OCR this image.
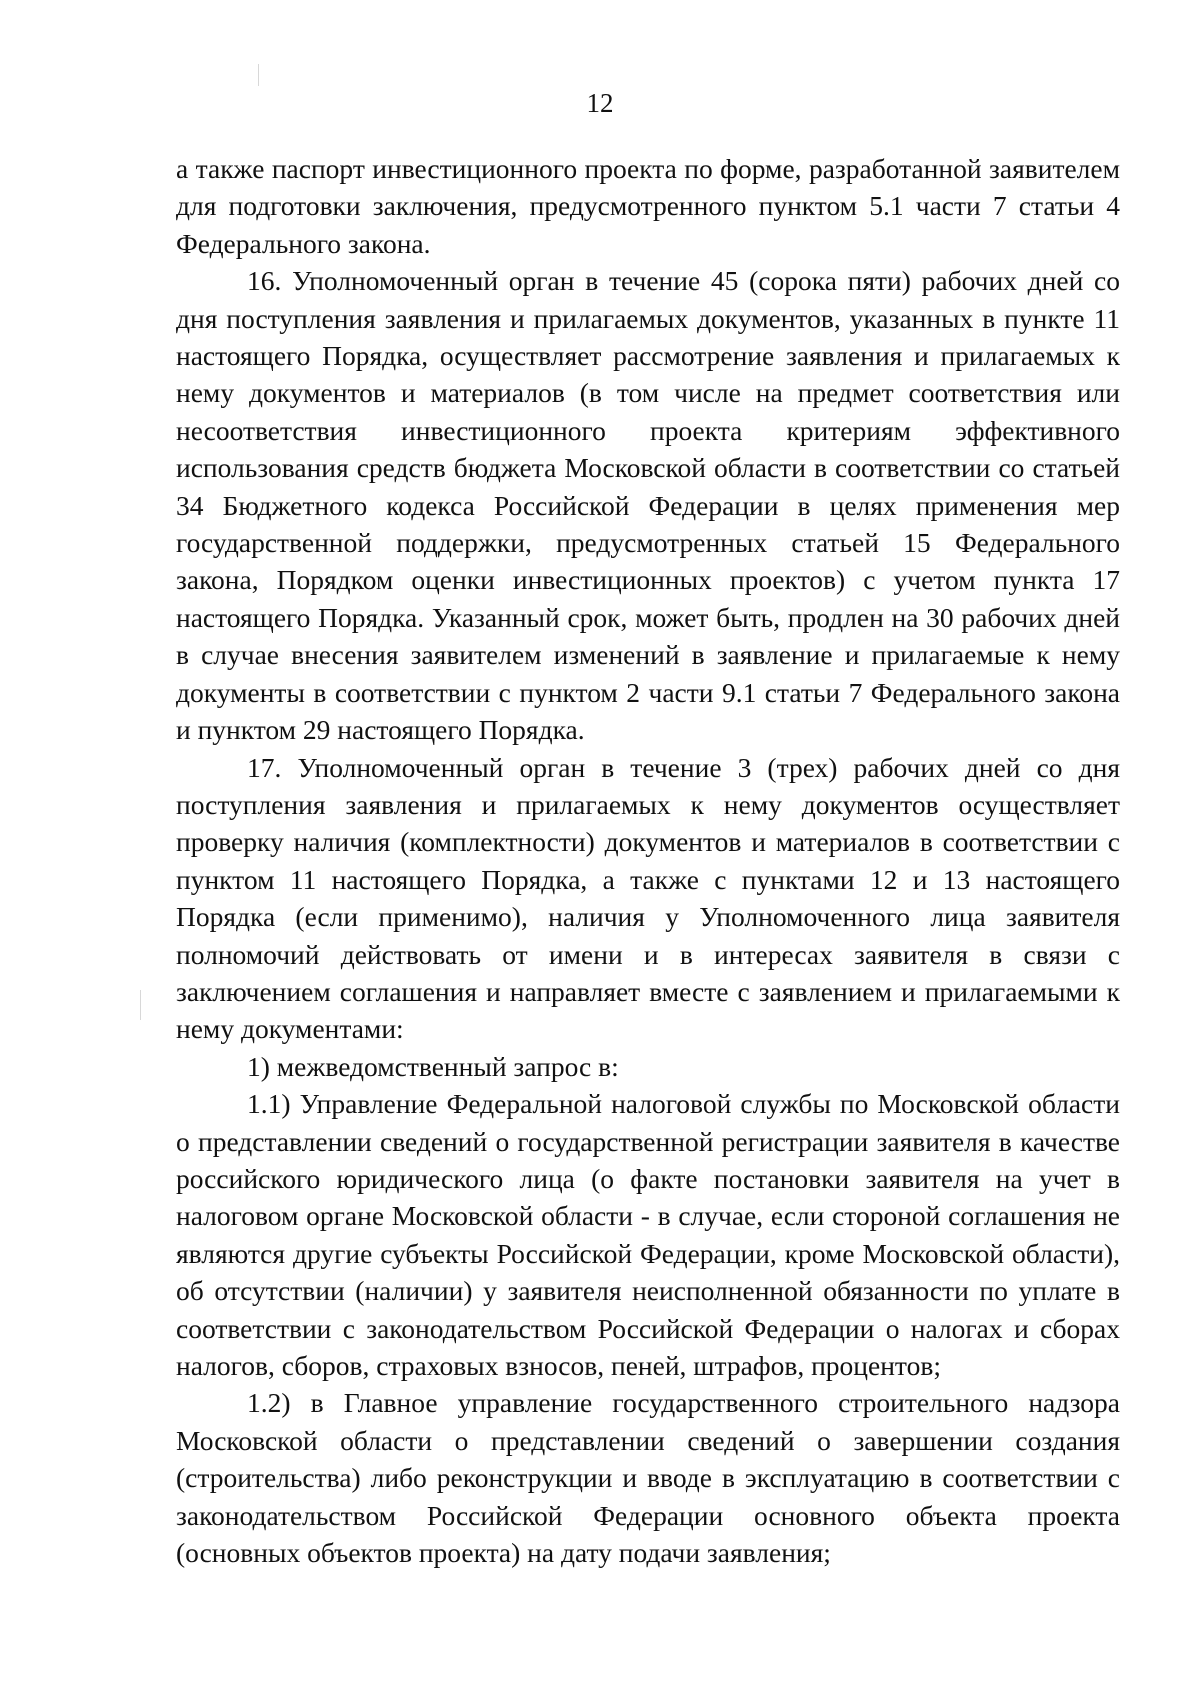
12

а также паспорт инвестиционного проекта по форме, разработанной заявителем для подготовки заключения, предусмотренного пунктом 5.1 части 7 статьи 4 Федерального закона.

16. Уполномоченный орган в течение 45 (сорока пяти) рабочих дней со дня поступления заявления и прилагаемых документов, указанных в пункте 11 настоящего Порядка, осуществляет рассмотрение заявления и прилагаемых к нему документов и материалов (в том числе на предмет соответствия или несоответствия инвестиционного проекта критериям эффективного использования средств бюджета Московской области в соответствии со статьей 34 Бюджетного кодекса Российской Федерации в целях применения мер государственной поддержки, предусмотренных статьей 15 Федерального закона, Порядком оценки инвестиционных проектов) с учетом пункта 17 настоящего Порядка. Указанный срок, может быть, продлен на 30 рабочих дней в случае внесения заявителем изменений в заявление и прилагаемые к нему документы в соответствии с пунктом 2 части 9.1 статьи 7 Федерального закона и пунктом 29 настоящего Порядка.

17. Уполномоченный орган в течение 3 (трех) рабочих дней со дня поступления заявления и прилагаемых к нему документов осуществляет проверку наличия (комплектности) документов и материалов в соответствии с пунктом 11 настоящего Порядка, а также с пунктами 12 и 13 настоящего Порядка (если применимо), наличия у Уполномоченного лица заявителя полномочий действовать от имени и в интересах заявителя в связи с заключением соглашения и направляет вместе с заявлением и прилагаемыми к нему документами:

1) межведомственный запрос в:

1.1) Управление Федеральной налоговой службы по Московской области о представлении сведений о государственной регистрации заявителя в качестве российского юридического лица (о факте постановки заявителя на учет в налоговом органе Московской области - в случае, если стороной соглашения не являются другие субъекты Российской Федерации, кроме Московской области), об отсутствии (наличии) у заявителя неисполненной обязанности по уплате в соответствии с законодательством Российской Федерации о налогах и сборах налогов, сборов, страховых взносов, пеней, штрафов, процентов;

1.2) в Главное управление государственного строительного надзора Московской области о представлении сведений о завершении создания (строительства) либо реконструкции и вводе в эксплуатацию в соответствии с законодательством Российской Федерации основного объекта проекта (основных объектов проекта) на дату подачи заявления;
